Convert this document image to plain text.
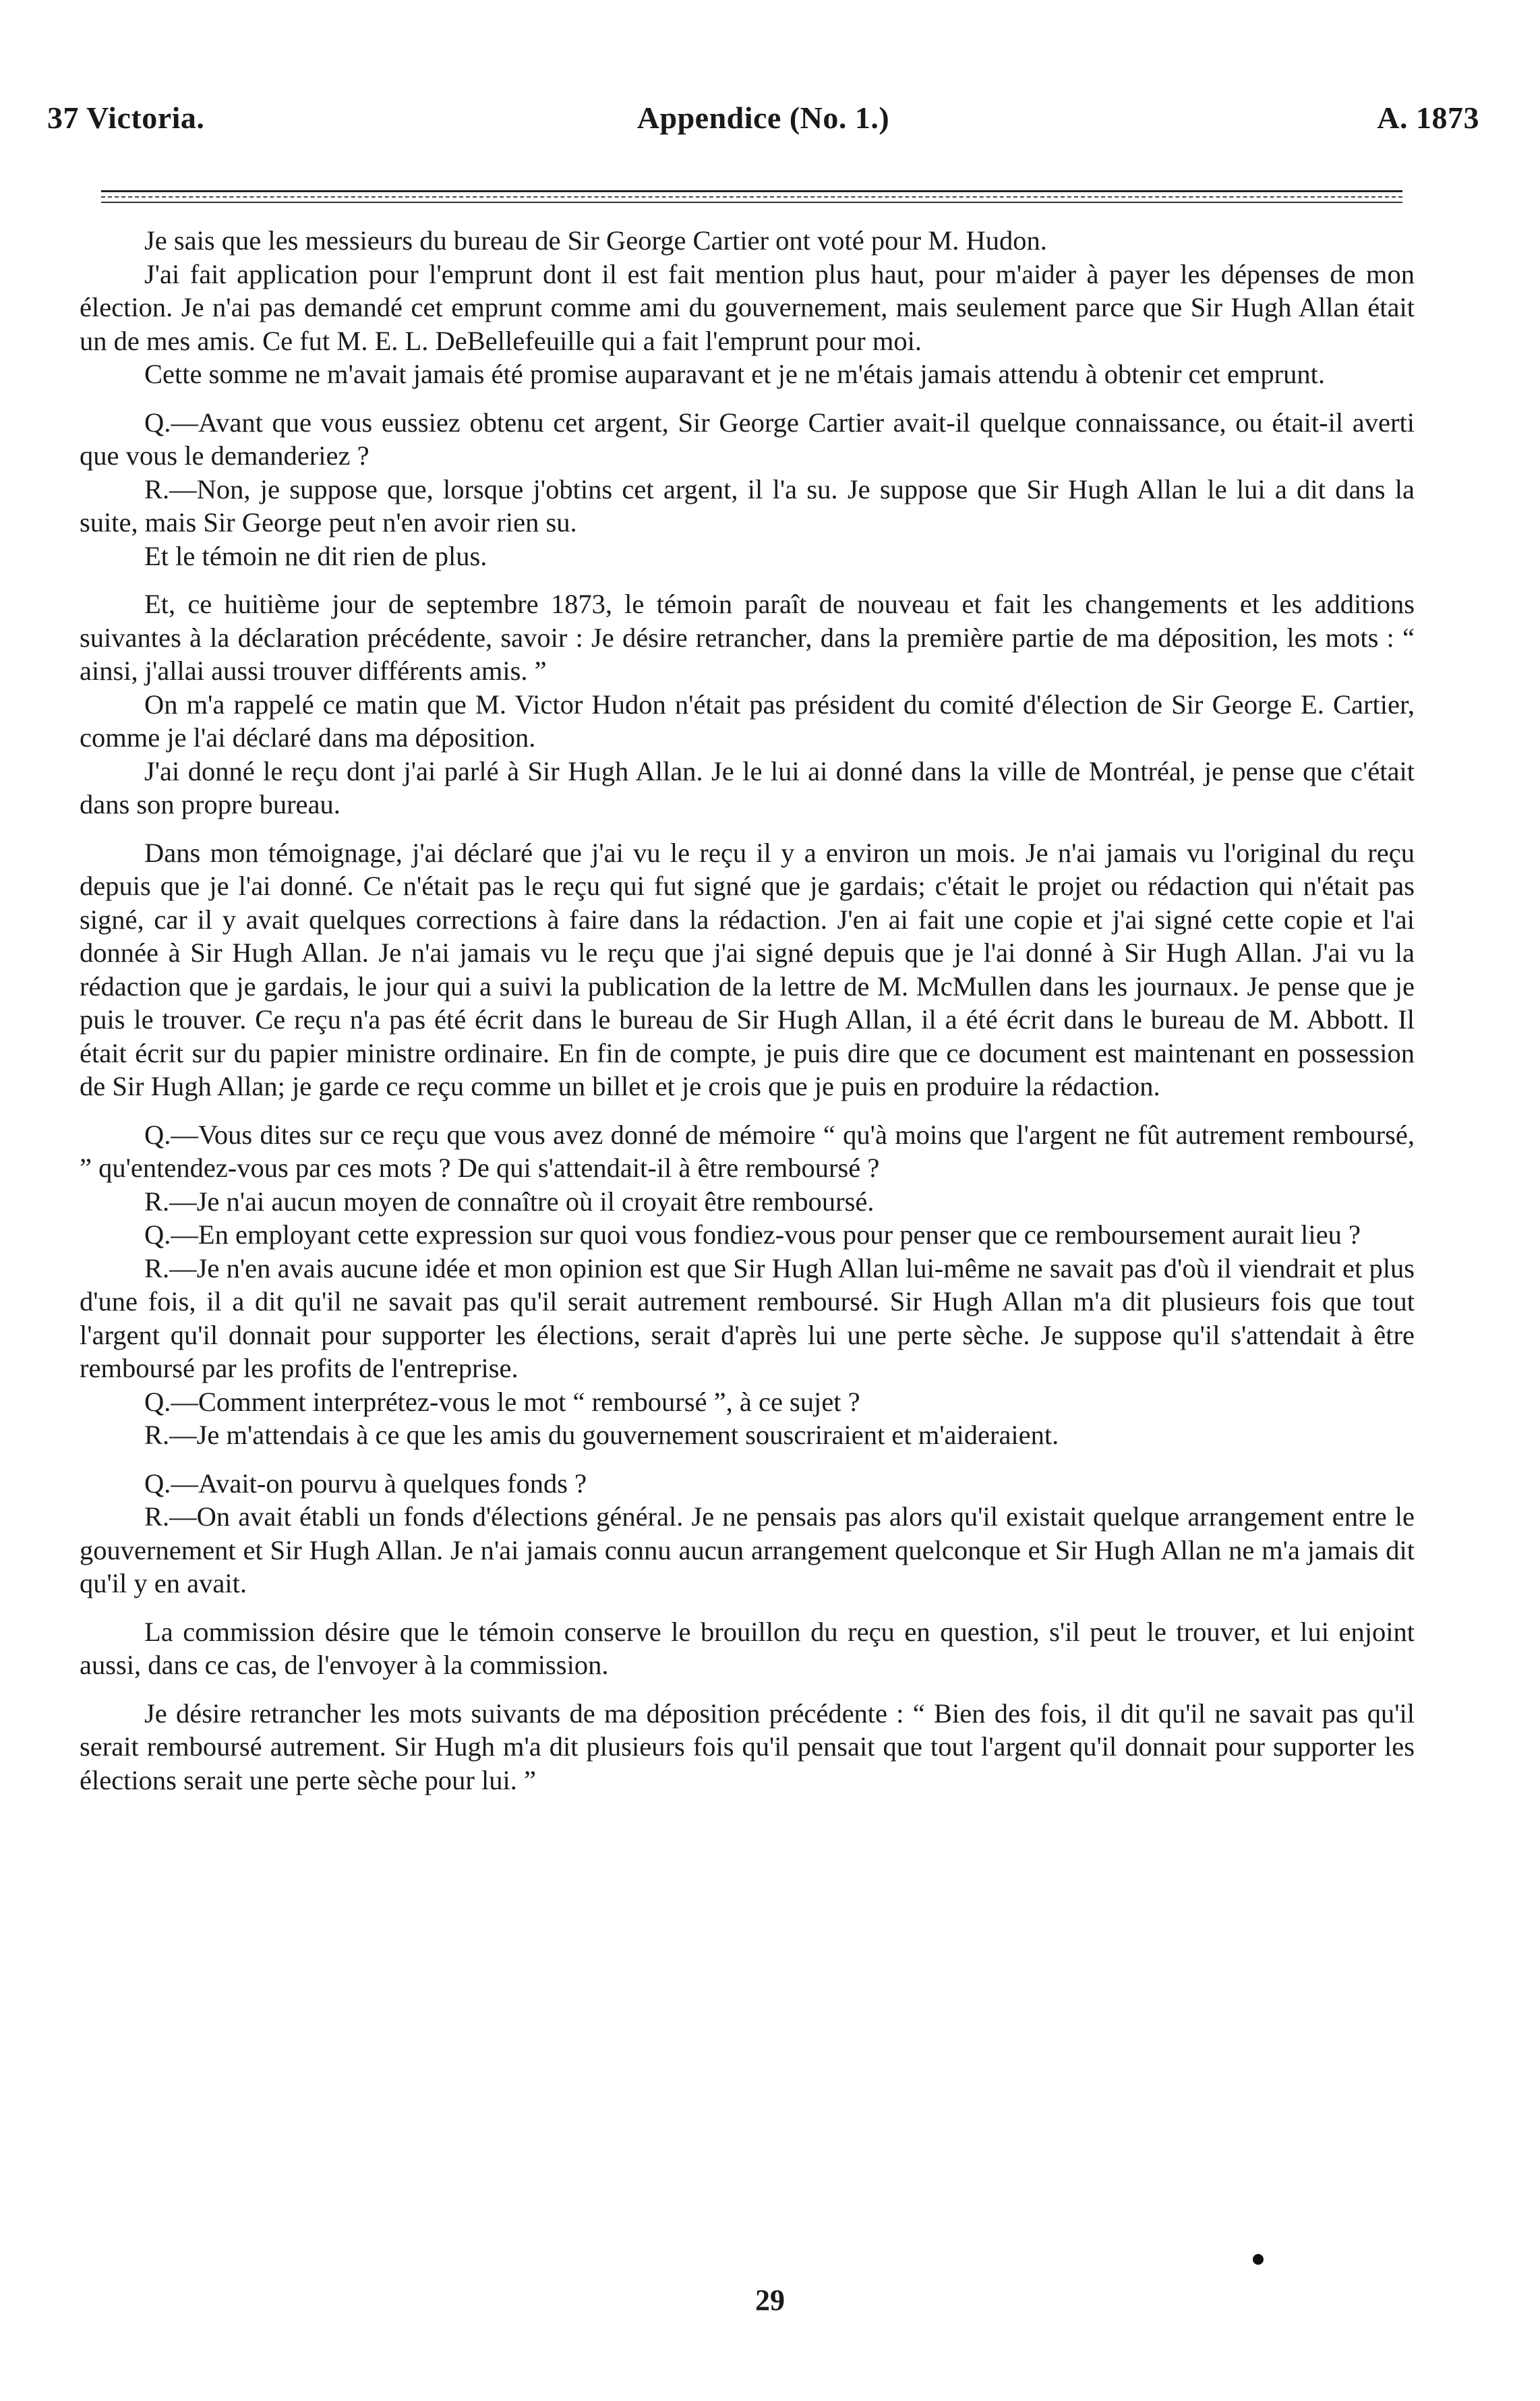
37 Victoria.	Appendice (No. 1.)	A. 1873

Je sais que les messieurs du bureau de Sir George Cartier ont voté pour M. Hudon.

J'ai fait application pour l'emprunt dont il est fait mention plus haut, pour m'aider à payer les dépenses de mon élection. Je n'ai pas demandé cet emprunt comme ami du gouvernement, mais seulement parce que Sir Hugh Allan était un de mes amis. Ce fut M. E. L. DeBellefeuille qui a fait l'emprunt pour moi.

Cette somme ne m'avait jamais été promise auparavant et je ne m'étais jamais attendu à obtenir cet emprunt.

Q.—Avant que vous eussiez obtenu cet argent, Sir George Cartier avait-il quelque connaissance, ou était-il averti que vous le demanderiez ?

R.—Non, je suppose que, lorsque j'obtins cet argent, il l'a su. Je suppose que Sir Hugh Allan le lui a dit dans la suite, mais Sir George peut n'en avoir rien su.

Et le témoin ne dit rien de plus.

Et, ce huitième jour de septembre 1873, le témoin paraît de nouveau et fait les changements et les additions suivantes à la déclaration précédente, savoir : Je désire retrancher, dans la première partie de ma déposition, les mots : “ ainsi, j'allai aussi trouver différents amis. ”

On m'a rappelé ce matin que M. Victor Hudon n'était pas président du comité d'élection de Sir George E. Cartier, comme je l'ai déclaré dans ma déposition.

J'ai donné le reçu dont j'ai parlé à Sir Hugh Allan. Je le lui ai donné dans la ville de Montréal, je pense que c'était dans son propre bureau.

Dans mon témoignage, j'ai déclaré que j'ai vu le reçu il y a environ un mois. Je n'ai jamais vu l'original du reçu depuis que je l'ai donné. Ce n'était pas le reçu qui fut signé que je gardais; c'était le projet ou rédaction qui n'était pas signé, car il y avait quelques corrections à faire dans la rédaction. J'en ai fait une copie et j'ai signé cette copie et l'ai donnée à Sir Hugh Allan. Je n'ai jamais vu le reçu que j'ai signé depuis que je l'ai donné à Sir Hugh Allan. J'ai vu la rédaction que je gardais, le jour qui a suivi la publication de la lettre de M. McMullen dans les journaux. Je pense que je puis le trouver. Ce reçu n'a pas été écrit dans le bureau de Sir Hugh Allan, il a été écrit dans le bureau de M. Abbott. Il était écrit sur du papier ministre ordinaire. En fin de compte, je puis dire que ce document est maintenant en possession de Sir Hugh Allan; je garde ce reçu comme un billet et je crois que je puis en produire la rédaction.

Q.—Vous dites sur ce reçu que vous avez donné de mémoire “ qu'à moins que l'argent ne fût autrement remboursé, ” qu'entendez-vous par ces mots ? De qui s'attendait-il à être remboursé ?

R.—Je n'ai aucun moyen de connaître où il croyait être remboursé.

Q.—En employant cette expression sur quoi vous fondiez-vous pour penser que ce remboursement aurait lieu ?

R.—Je n'en avais aucune idée et mon opinion est que Sir Hugh Allan lui-même ne savait pas d'où il viendrait et plus d'une fois, il a dit qu'il ne savait pas qu'il serait autrement remboursé. Sir Hugh Allan m'a dit plusieurs fois que tout l'argent qu'il donnait pour supporter les élections, serait d'après lui une perte sèche. Je suppose qu'il s'attendait à être remboursé par les profits de l'entreprise.

Q.—Comment interprétez-vous le mot “ remboursé ”, à ce sujet ?

R.—Je m'attendais à ce que les amis du gouvernement souscriraient et m'aideraient.

Q.—Avait-on pourvu à quelques fonds ?

R.—On avait établi un fonds d'élections général. Je ne pensais pas alors qu'il existait quelque arrangement entre le gouvernement et Sir Hugh Allan. Je n'ai jamais connu aucun arrangement quelconque et Sir Hugh Allan ne m'a jamais dit qu'il y en avait.

La commission désire que le témoin conserve le brouillon du reçu en question, s'il peut le trouver, et lui enjoint aussi, dans ce cas, de l'envoyer à la commission.

Je désire retrancher les mots suivants de ma déposition précédente : “ Bien des fois, il dit qu'il ne savait pas qu'il serait remboursé autrement. Sir Hugh m'a dit plusieurs fois qu'il pensait que tout l'argent qu'il donnait pour supporter les élections serait une perte sèche pour lui. ”

29
